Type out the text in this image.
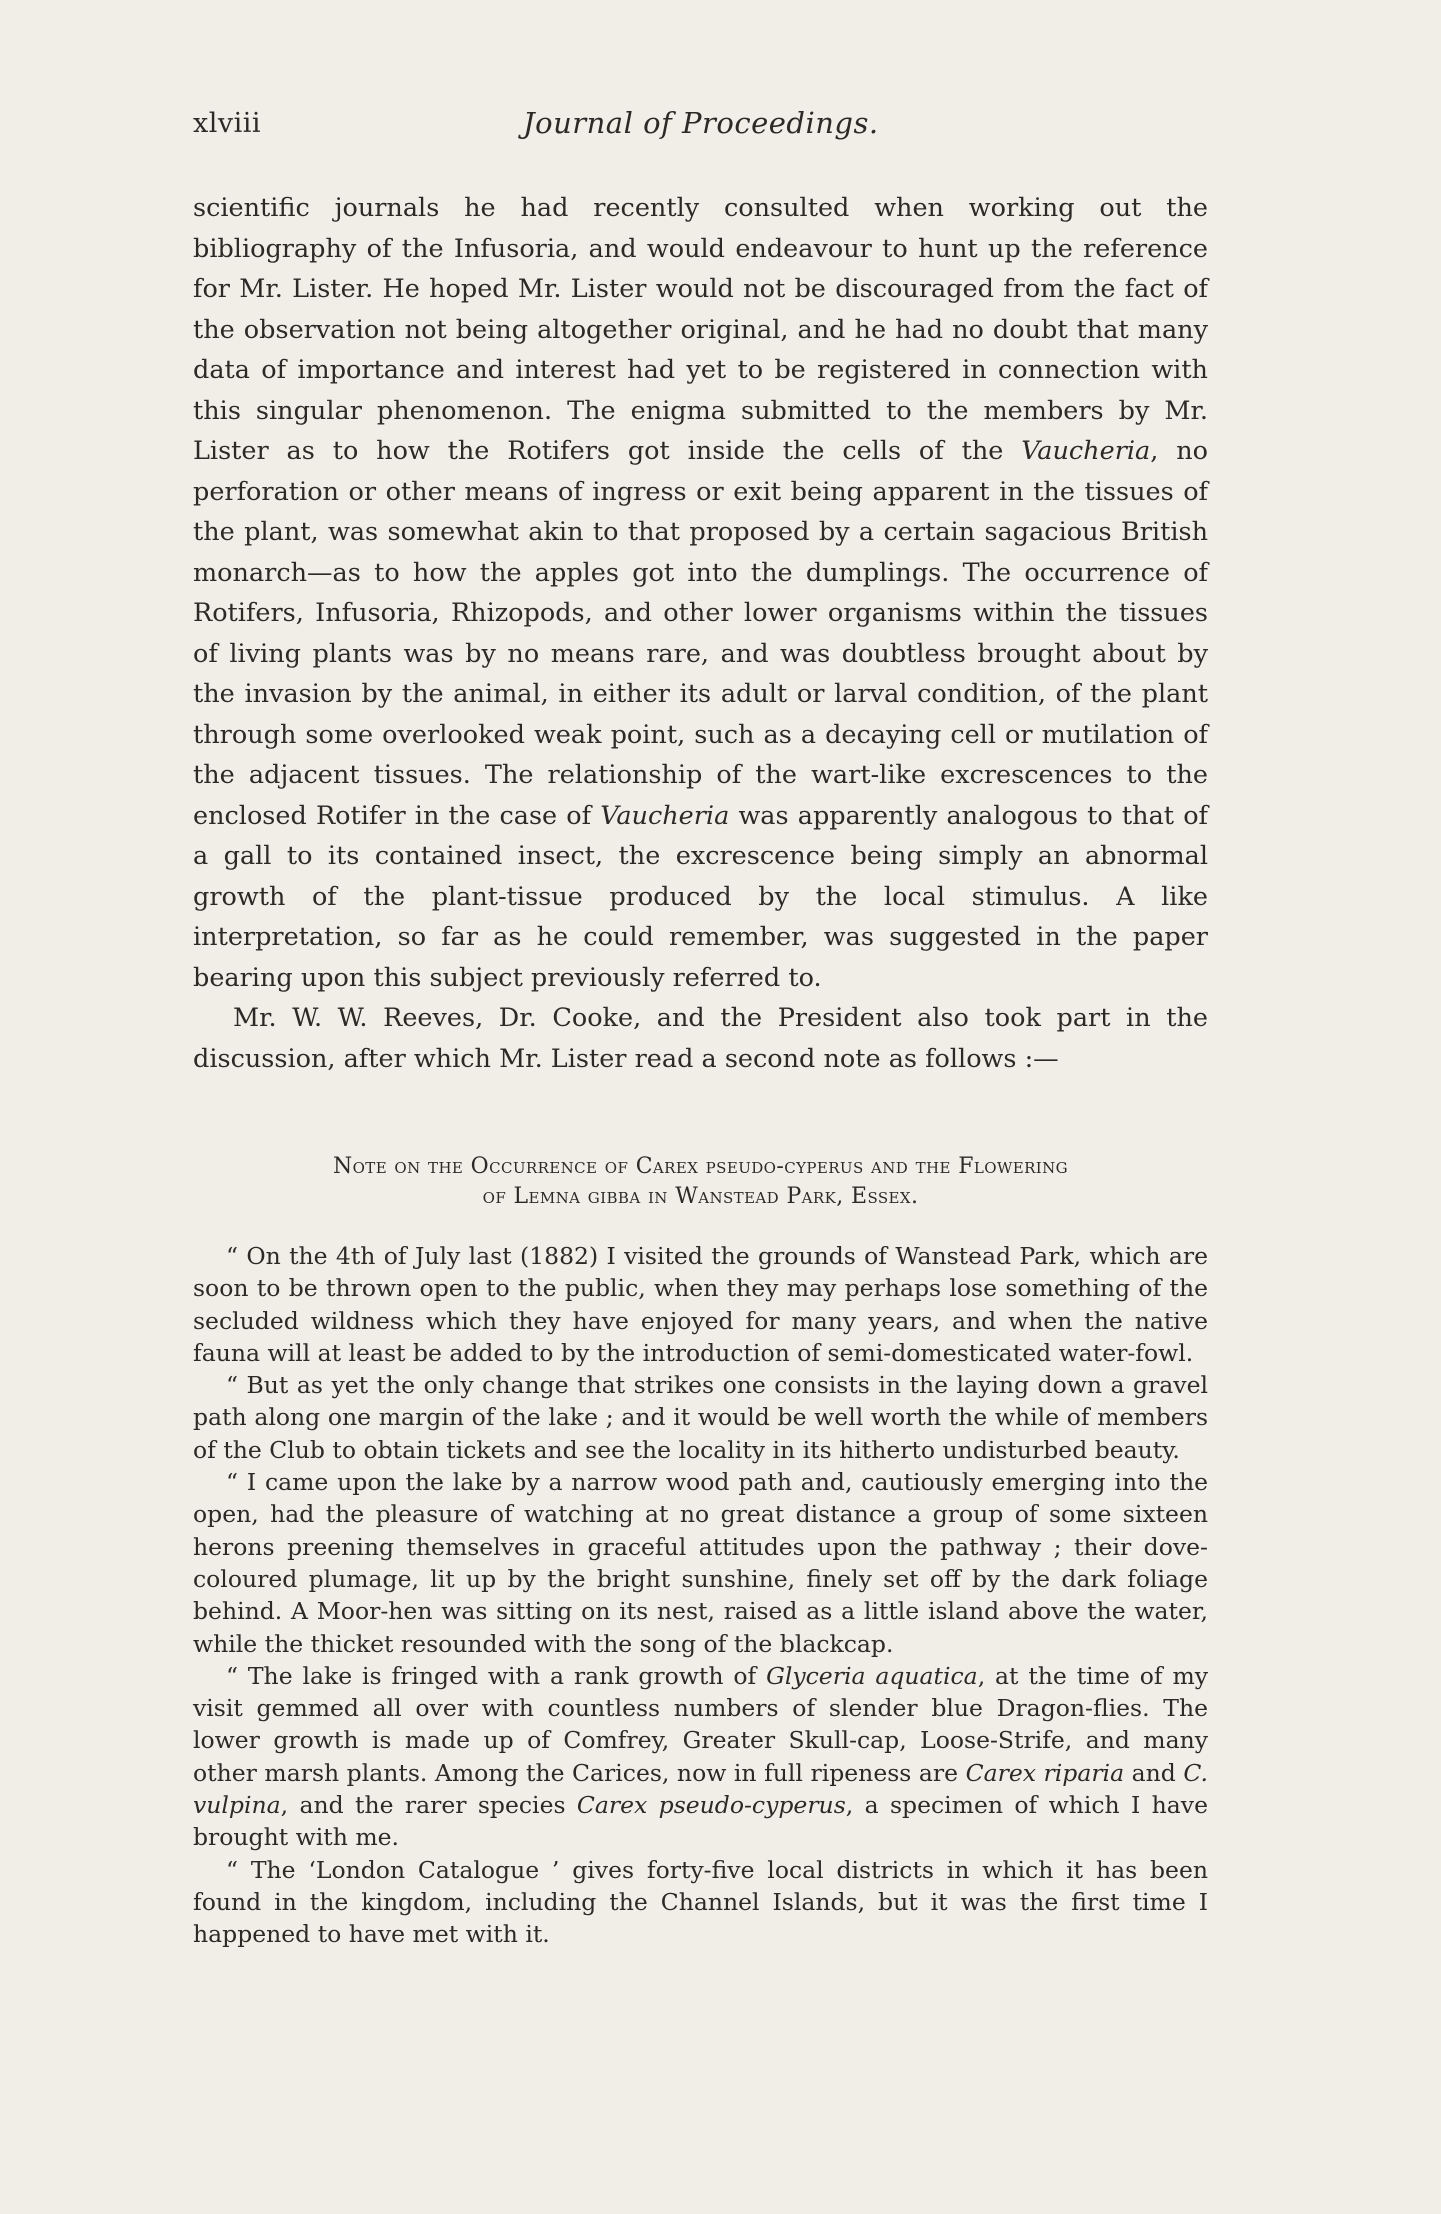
xlviii	Journal of Proceedings.

scientific journals he had recently consulted when working out the bibliography of the Infusoria, and would endeavour to hunt up the reference for Mr. Lister. He hoped Mr. Lister would not be discouraged from the fact of the observation not being altogether original, and he had no doubt that many data of importance and interest had yet to be registered in connection with this singular phenomenon. The enigma submitted to the members by Mr. Lister as to how the Rotifers got inside the cells of the Vaucheria, no perforation or other means of ingress or exit being apparent in the tissues of the plant, was somewhat akin to that proposed by a certain sagacious British monarch—as to how the apples got into the dumplings. The occurrence of Rotifers, Infusoria, Rhizopods, and other lower organisms within the tissues of living plants was by no means rare, and was doubtless brought about by the invasion by the animal, in either its adult or larval condition, of the plant through some overlooked weak point, such as a decaying cell or mutilation of the adjacent tissues. The relationship of the wart-like excrescences to the enclosed Rotifer in the case of Vaucheria was apparently analogous to that of a gall to its contained insect, the excrescence being simply an abnormal growth of the plant-tissue produced by the local stimulus. A like interpretation, so far as he could remember, was suggested in the paper bearing upon this subject previously referred to.

Mr. W. W. Reeves, Dr. Cooke, and the President also took part in the discussion, after which Mr. Lister read a second note as follows :—

Note on the Occurrence of Carex pseudo-cyperus and the Flowering
of Lemna gibba in Wanstead Park, Essex.

“ On the 4th of July last (1882) I visited the grounds of Wanstead Park, which are soon to be thrown open to the public, when they may perhaps lose something of the secluded wildness which they have enjoyed for many years, and when the native fauna will at least be added to by the introduction of semi-domesticated water-fowl.

“ But as yet the only change that strikes one consists in the laying down a gravel path along one margin of the lake ; and it would be well worth the while of members of the Club to obtain tickets and see the locality in its hitherto undisturbed beauty.

“ I came upon the lake by a narrow wood path and, cautiously emerging into the open, had the pleasure of watching at no great distance a group of some sixteen herons preening themselves in graceful attitudes upon the pathway ; their dove-coloured plumage, lit up by the bright sunshine, finely set off by the dark foliage behind. A Moor-hen was sitting on its nest, raised as a little island above the water, while the thicket resounded with the song of the blackcap.

“ The lake is fringed with a rank growth of Glyceria aquatica, at the time of my visit gemmed all over with countless numbers of slender blue Dragon-flies. The lower growth is made up of Comfrey, Greater Skull-cap, Loose-Strife, and many other marsh plants. Among the Carices, now in full ripeness are Carex riparia and C. vulpina, and the rarer species Carex pseudo-cyperus, a specimen of which I have brought with me.

“ The ‘London Catalogue ’ gives forty-five local districts in which it has been found in the kingdom, including the Channel Islands, but it was the first time I happened to have met with it.
